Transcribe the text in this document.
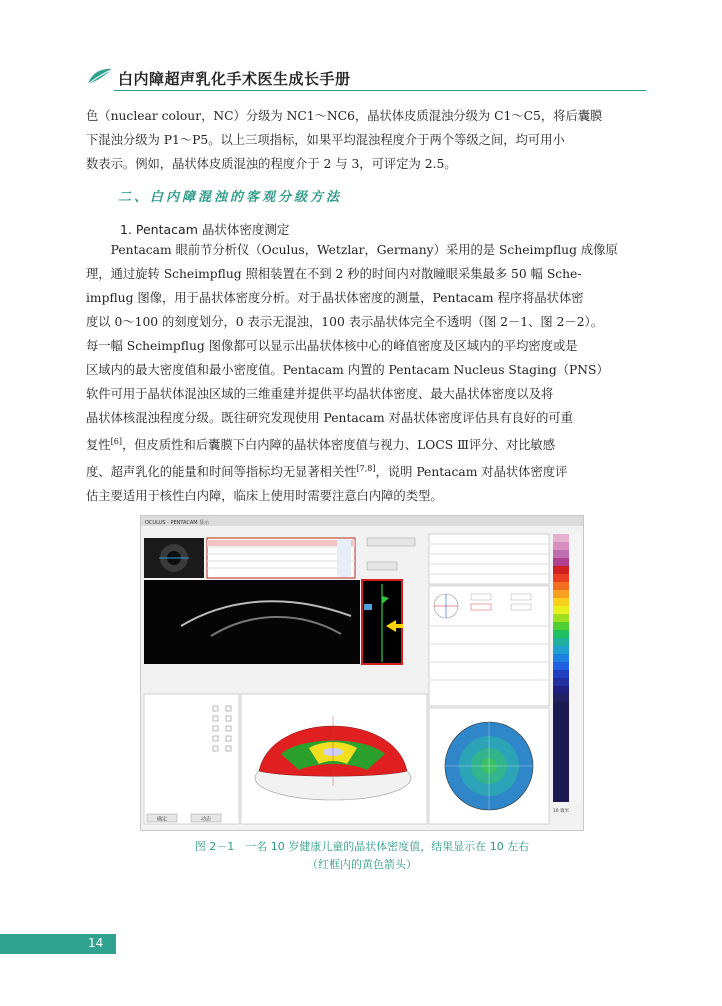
白内障超声乳化手术医生成长手册

色（nuclear colour，NC）分级为 NC1～NC6，晶状体皮质混浊分级为 C1～C5，将后囊膜

下混浊分级为 P1～P5。以上三项指标，如果平均混浊程度介于两个等级之间，均可用小

数表示。例如，晶状体皮质混浊的程度介于 2 与 3，可评定为 2.5。

二、白内障混浊的客观分级方法
1. Pentacam 晶状体密度测定

Pentacam 眼前节分析仪（Oculus，Wetzlar，Germany）采用的是 Scheimpflug 成像原

理，通过旋转 Scheimpflug 照相装置在不到 2 秒的时间内对散瞳眼采集最多 50 幅 Sche-

impflug 图像，用于晶状体密度分析。对于晶状体密度的测量，Pentacam 程序将晶状体密

度以 0～100 的刻度划分，0 表示无混浊，100 表示晶状体完全不透明（图 2－1、图 2－2）。

每一幅 Scheimpflug 图像都可以显示出晶状体核中心的峰值密度及区域内的平均密度或是

区域内的最大密度值和最小密度值。Pentacam 内置的 Pentacam Nucleus Staging（PNS）

软件可用于晶状体混浊区域的三维重建并提供平均晶状体密度、最大晶状体密度以及将

晶状体核混浊程度分级。既往研究发现使用 Pentacam 对晶状体密度评估具有良好的可重

复性[6]，但皮质性和后囊膜下白内障的晶状体密度值与视力、LOCS Ⅲ评分、对比敏感

度、超声乳化的能量和时间等指标均无显著相关性[7,8]，说明 Pentacam 对晶状体密度评

估主要适用于核性白内障，临床上使用时需要注意白内障的类型。

OCULUS - PENTACAM 显示
确定	动态
10 微米
图 2－1　一名 10 岁健康儿童的晶状体密度值，结果显示在 10 左右
（红框内的黄色箭头）
14
